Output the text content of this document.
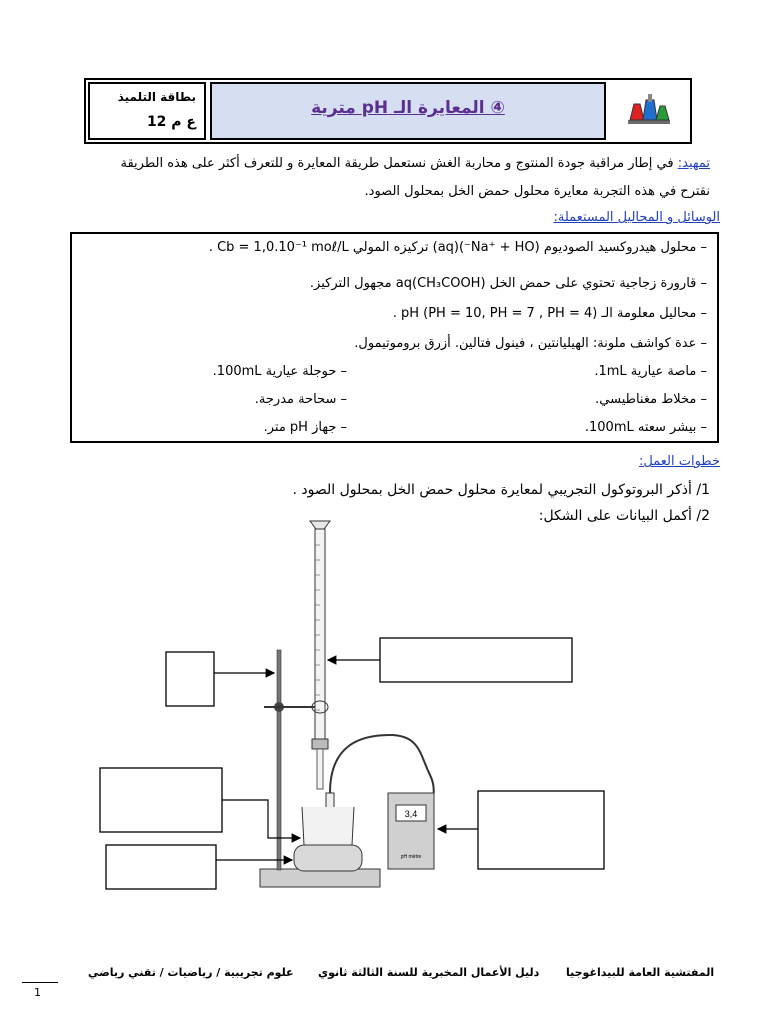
بطاقة التلميذ
ع م 12
④ المعايرة الـ pH مترية
تمهيد: في إطار مراقبة جودة المنتوج و محاربة الغش نستعمل طريقة المعايرة و للتعرف أكثر على هذه الطريقة
نقترح في هذه التجربة معايرة محلول حمض الخل بمحلول الصود.
الوسائل و المحاليل المستعملة:
– محلول هيدروكسيد الصوديوم (Na⁺ + HO⁻)(aq) تركيزه المولي Cb = 1,0.10⁻¹ moℓ/L .
– قارورة زجاجية تحتوي على حمض الخل (CH₃COOH)aq مجهول التركيز.
– محاليل معلومة الـ pH (PH = 10, PH = 7 , PH = 4) .
– عدة كواشف ملونة: الهيليانتين ، فينول فتالين. أزرق بروموتيمول.
– ماصة عيارية 1mL.
– حوجلة عيارية 100mL.
– مخلاط مغناطيسي.
– سحاحة مدرجة.
– بيشر سعته 100mL.
– جهاز pH متر.
خطوات العمل:
1/ أذكر البروتوكول التجريبي لمعايرة محلول حمض الخل بمحلول الصود .
2/ أكمل البيانات على الشكل:
3,4
pH mètre
علوم تجريبية / رياضيات / تقني رياضي دليل الأعمال المخبرية للسنة الثالثة ثانوي المفتشية العامة للبيداغوجيا
1
